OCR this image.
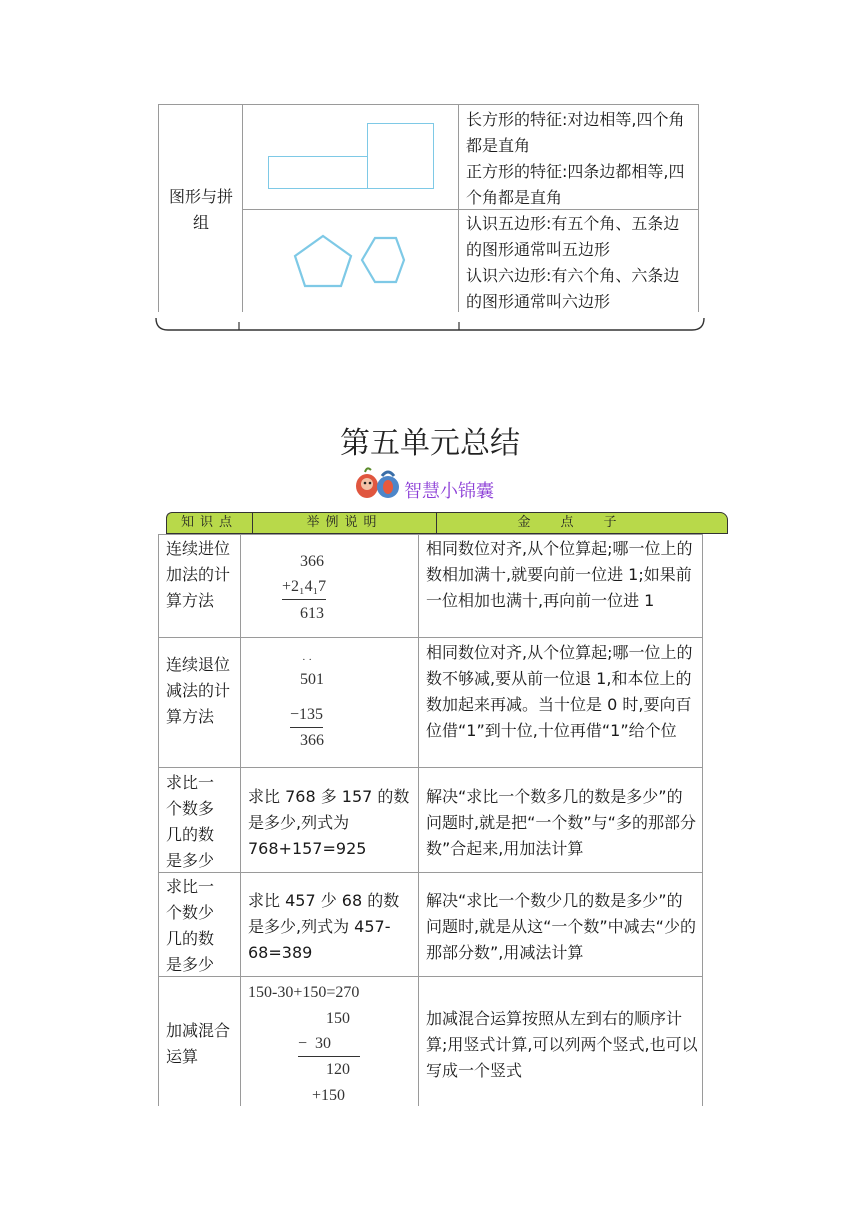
图形与拼组
长方形的特征:对边相等,四个角都是直角
正方形的特征:四条边都相等,四个角都是直角
认识五边形:有五个角、五条边的图形通常叫五边形
认识六边形:有六个角、六条边的图形通常叫六边形
第五单元总结
智慧小锦囊
知识点	举例说明	金点子
连续进位加法的计算方法
366
+2₁4₁7
613
相同数位对齐,从个位算起;哪一位上的数相加满十,就要向前一位进 1;如果前一位相加也满十,再向前一位进 1
连续退位减法的计算方法
· ·
501
−135
366
相同数位对齐,从个位算起;哪一位上的数不够减,要从前一位退 1,和本位上的数加起来再减。当十位是 0 时,要向百位借“1”到十位,十位再借“1”给个位
求比一个数多几的数是多少
求比 768 多 157 的数是多少,列式为 768+157=925
解决“求比一个数多几的数是多少”的问题时,就是把“一个数”与“多的那部分数”合起来,用加法计算
求比一个数少几的数是多少
求比 457 少 68 的数是多少,列式为 457-68=389
解决“求比一个数少几的数是多少”的问题时,就是从这“一个数”中减去“少的那部分数”,用减法计算
加减混合运算
150-30+150=270
150
−  30
120
+150
加减混合运算按照从左到右的顺序计算;用竖式计算,可以列两个竖式,也可以写成一个竖式
